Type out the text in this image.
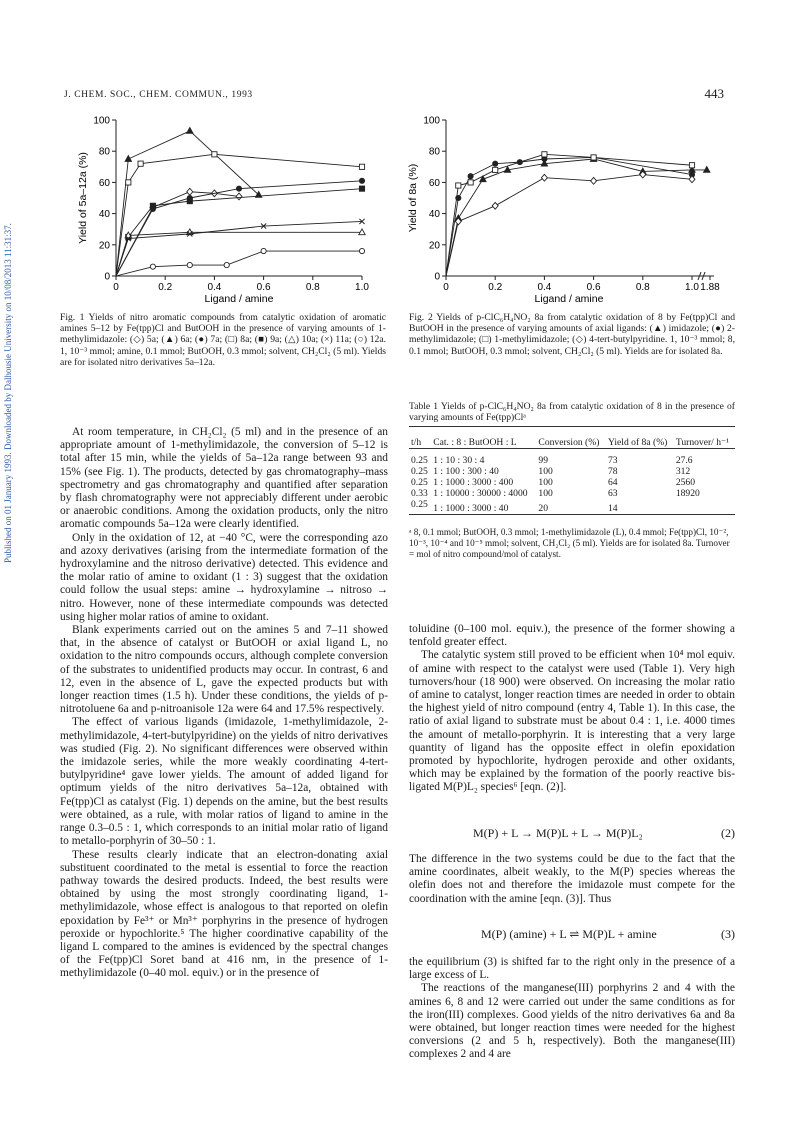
J. CHEM. SOC., CHEM. COMMUN., 1993	443
Published on 01 January 1993. Downloaded by Dalhousie University on 10/08/2013 11:31:37.	0
20
40
60
80
100
0	0.2	0.4	0.6	0.8	1.0
Ligand / amine
Yield of 5a–12a (%)
0
20
40
60
80
100
0	0.2	0.4	0.6	0.8	1.0 1.88
Ligand / amine
Yield of 8a (%)
Fig. 1 Yields of nitro aromatic compounds from catalytic oxidation of aromatic amines 5–12 by Fe(tpp)Cl and ButOOH in the presence of varying amounts of 1-methylimidazole: (◇) 5a; (▲) 6a; (●) 7a; (□) 8a; (■) 9a; (△) 10a; (×) 11a; (○) 12a. 1, 10⁻³ mmol; amine, 0.1 mmol; ButOOH, 0.3 mmol; solvent, CH₂Cl₂ (5 ml). Yields are for isolated nitro derivatives 5a–12a.
Fig. 2 Yields of p-ClC₆H₄NO₂ 8a from catalytic oxidation of 8 by Fe(tpp)Cl and ButOOH in the presence of varying amounts of axial ligands: (▲) imidazole; (●) 2-methylimidazole; (□) 1-methylimidazole; (◇) 4-tert-butylpyridine. 1, 10⁻³ mmol; 8, 0.1 mmol; ButOOH, 0.3 mmol; solvent, CH₂Cl₂ (5 ml). Yields are for isolated 8a.

At room temperature, in CH₂Cl₂ (5 ml) and in the presence of an appropriate amount of 1-methylimidazole, the conversion of 5–12 is total after 15 min, while the yields of 5a–12a range between 93 and 15% (see Fig. 1). The products, detected by gas chromatography–mass spectrometry and gas chromatography and quantified after separation by flash chromatography were not appreciably different under aerobic or anaerobic conditions. Among the oxidation products, only the nitro aromatic compounds 5a–12a were clearly identified.

Only in the oxidation of 12, at −40 °C, were the corresponding azo and azoxy derivatives (arising from the intermediate formation of the hydroxylamine and the nitroso derivative) detected. This evidence and the molar ratio of amine to oxidant (1 : 3) suggest that the oxidation could follow the usual steps: amine → hydroxylamine → nitroso → nitro. However, none of these intermediate compounds was detected using higher molar ratios of amine to oxidant.

Blank experiments carried out on the amines 5 and 7–11 showed that, in the absence of catalyst or ButOOH or axial ligand L, no oxidation to the nitro compounds occurs, although complete conversion of the substrates to unidentified products may occur. In contrast, 6 and 12, even in the absence of L, gave the expected products but with longer reaction times (1.5 h). Under these conditions, the yields of p-nitrotoluene 6a and p-nitroanisole 12a were 64 and 17.5% respectively.

The effect of various ligands (imidazole, 1-methylimidazole, 2-methylimidazole, 4-tert-butylpyridine) on the yields of nitro derivatives was studied (Fig. 2). No significant differences were observed within the imidazole series, while the more weakly coordinating 4-tert-butylpyridine⁴ gave lower yields. The amount of added ligand for optimum yields of the nitro derivatives 5a–12a, obtained with Fe(tpp)Cl as catalyst (Fig. 1) depends on the amine, but the best results were obtained, as a rule, with molar ratios of ligand to amine in the range 0.3–0.5 : 1, which corresponds to an initial molar ratio of ligand to metallo-porphyrin of 30–50 : 1.

These results clearly indicate that an electron-donating axial substituent coordinated to the metal is essential to force the reaction pathway towards the desired products. Indeed, the best results were obtained by using the most strongly coordinating ligand, 1-methylimidazole, whose effect is analogous to that reported on olefin epoxidation by Fe³⁺ or Mn³⁺ porphyrins in the presence of hydrogen peroxide or hypochlorite.⁵ The higher coordinative capability of the ligand L compared to the amines is evidenced by the spectral changes of the Fe(tpp)Cl Soret band at 416 nm, in the presence of 1-methylimidazole (0–40 mol. equiv.) or in the presence of

Table 1 Yields of p-ClC₆H₄NO₂ 8a from catalytic oxidation of 8 in the presence of varying amounts of Fe(tpp)Clᵃ
t/h	Cat. : 8 : ButOOH : L	Conversion (%)	Yield of 8a (%)	Turnover/ h⁻¹
0.25	1 : 10 : 30 : 4	99	73	27.6
0.25	1 : 100 : 300 : 40	100	78	312
0.25	1 : 1000 : 3000 : 400	100	64	2560
0.33	1 : 10000 : 30000 : 4000	100	63	18920
0.25	1 : 1000 : 3000 : 40	20	14	
ᵃ 8, 0.1 mmol; ButOOH, 0.3 mmol; 1-methylimidazole (L), 0.4 mmol; Fe(tpp)Cl, 10⁻², 10⁻³, 10⁻⁴ and 10⁻⁵ mmol; solvent, CH₂Cl₂ (5 ml). Yields are for isolated 8a. Turnover = mol of nitro compound/mol of catalyst.

toluidine (0–100 mol. equiv.), the presence of the former showing a tenfold greater effect.

The catalytic system still proved to be efficient when 10⁴ mol equiv. of amine with respect to the catalyst were used (Table 1). Very high turnovers/hour (18 900) were observed. On increasing the molar ratio of amine to catalyst, longer reaction times are needed in order to obtain the highest yield of nitro compound (entry 4, Table 1). In this case, the ratio of axial ligand to substrate must be about 0.4 : 1, i.e. 4000 times the amount of metallo-porphyrin. It is interesting that a very large quantity of ligand has the opposite effect in olefin epoxidation promoted by hypochlorite, hydrogen peroxide and other oxidants, which may be explained by the formation of the poorly reactive bis-ligated M(P)L₂ species⁶ [eqn. (2)].

M(P) + L → M(P)L + L → M(P)L₂	(2)

The difference in the two systems could be due to the fact that the amine coordinates, albeit weakly, to the M(P) species whereas the olefin does not and therefore the imidazole must compete for the coordination with the amine [eqn. (3)]. Thus

M(P) (amine) + L ⇌ M(P)L + amine	(3)

the equilibrium (3) is shifted far to the right only in the presence of a large excess of L.

The reactions of the manganese(III) porphyrins 2 and 4 with the amines 6, 8 and 12 were carried out under the same conditions as for the iron(III) complexes. Good yields of the nitro derivatives 6a and 8a were obtained, but longer reaction times were needed for the highest conversions (2 and 5 h, respectively). Both the manganese(III) complexes 2 and 4 are
